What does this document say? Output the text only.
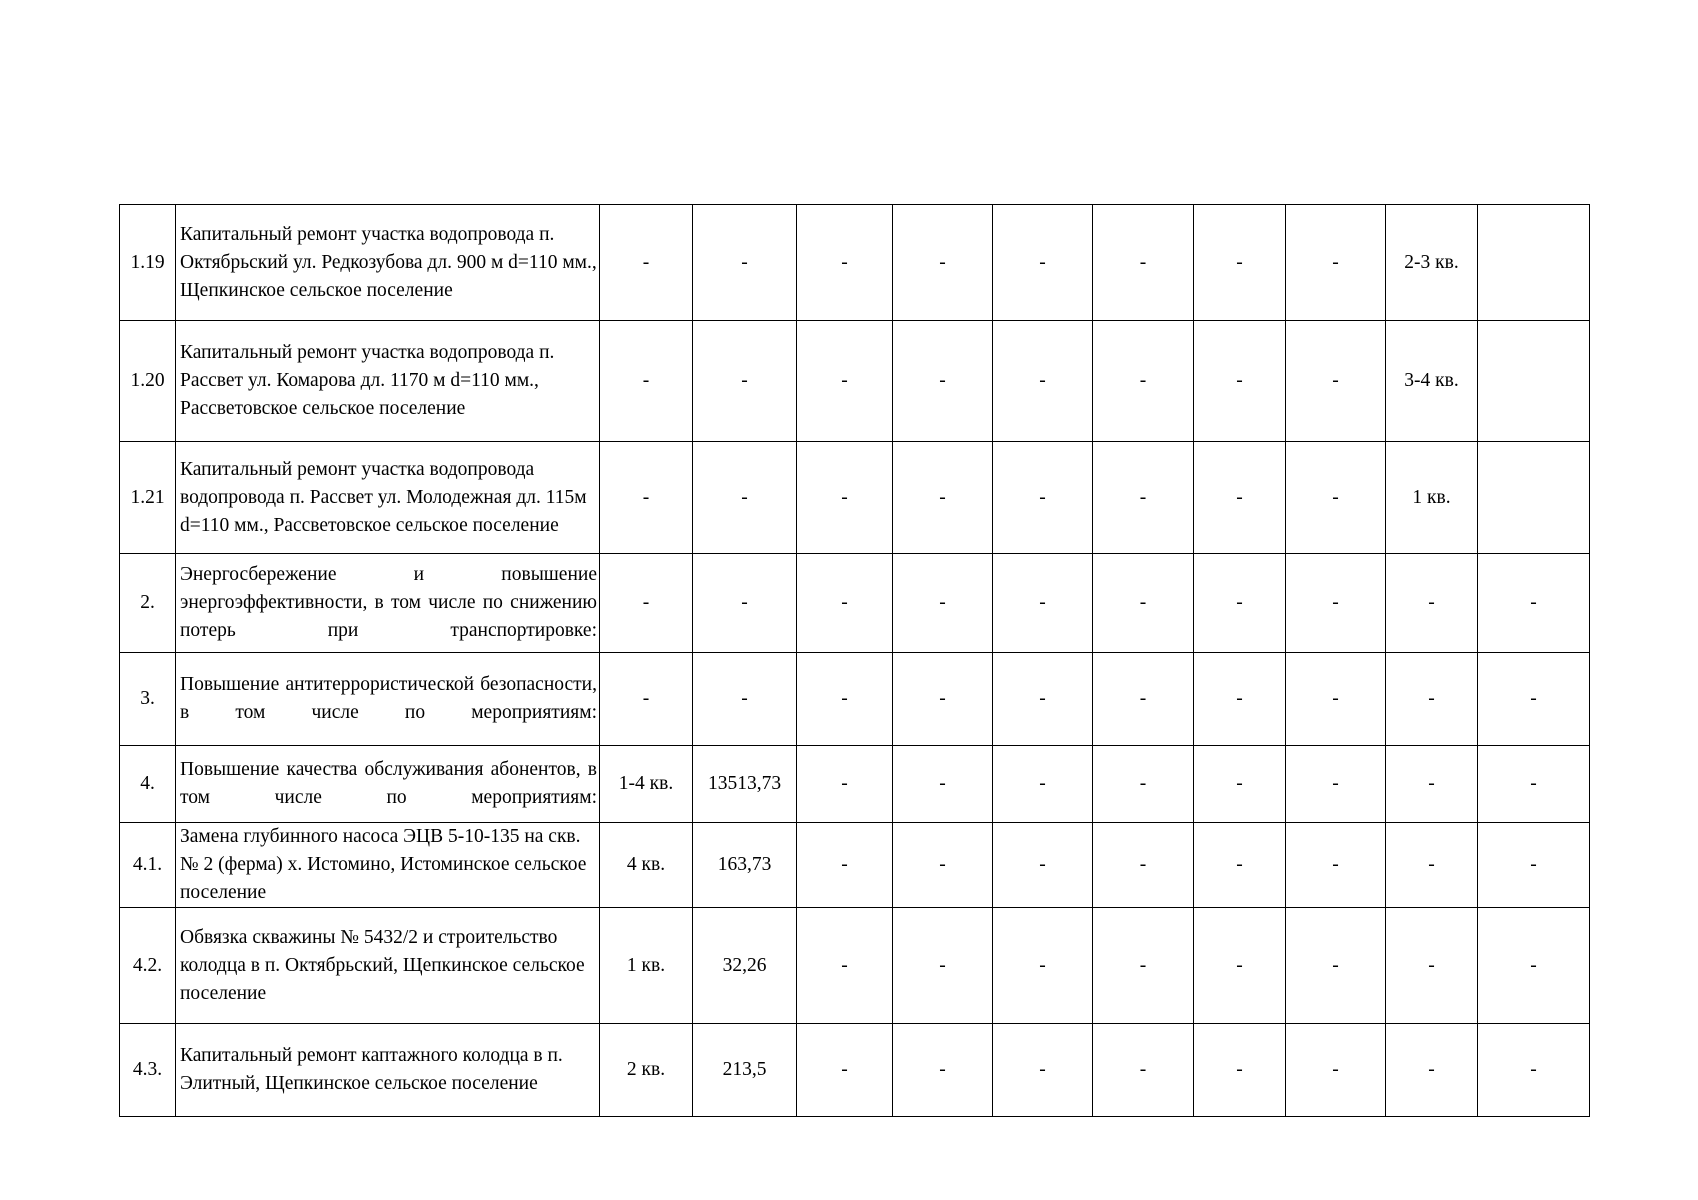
1.19	Капитальный ремонт участка водопровода п. Октябрьский ул. Редкозубова дл. 900 м d=110 мм., Щепкинское сельское поселение	-	-	-	-	-	-	-	-	2-3 кв.	
1.20	Капитальный ремонт участка водопровода п. Рассвет ул. Комарова дл. 1170 м d=110 мм., Рассветовское сельское поселение	-	-	-	-	-	-	-	-	3-4 кв.	
1.21	Капитальный ремонт участка водопровода водопровода п. Рассвет ул. Молодежная дл. 115м d=110 мм., Рассветовское сельское поселение	-	-	-	-	-	-	-	-	1 кв.	
2.	Энергосбережение и повышение энергоэффективности, в том числе по снижению потерь при транспортировке:	-	-	-	-	-	-	-	-	-	-
3.	Повышение антитеррористической безопасности, в том числе по мероприятиям:	-	-	-	-	-	-	-	-	-	-
4.	Повышение качества обслуживания абонентов, в том числе по мероприятиям:	1-4 кв.	13513,73	-	-	-	-	-	-	-	-
4.1.	Замена глубинного насоса ЭЦВ 5-10-135 на скв. № 2 (ферма) х. Истомино, Истоминское сельское поселение	4 кв.	163,73	-	-	-	-	-	-	-	-
4.2.	Обвязка скважины № 5432/2 и строительство колодца в п. Октябрьский, Щепкинское сельское поселение	1 кв.	32,26	-	-	-	-	-	-	-	-
4.3.	Капитальный ремонт каптажного колодца в п. Элитный, Щепкинское сельское поселение	2 кв.	213,5	-	-	-	-	-	-	-	-
